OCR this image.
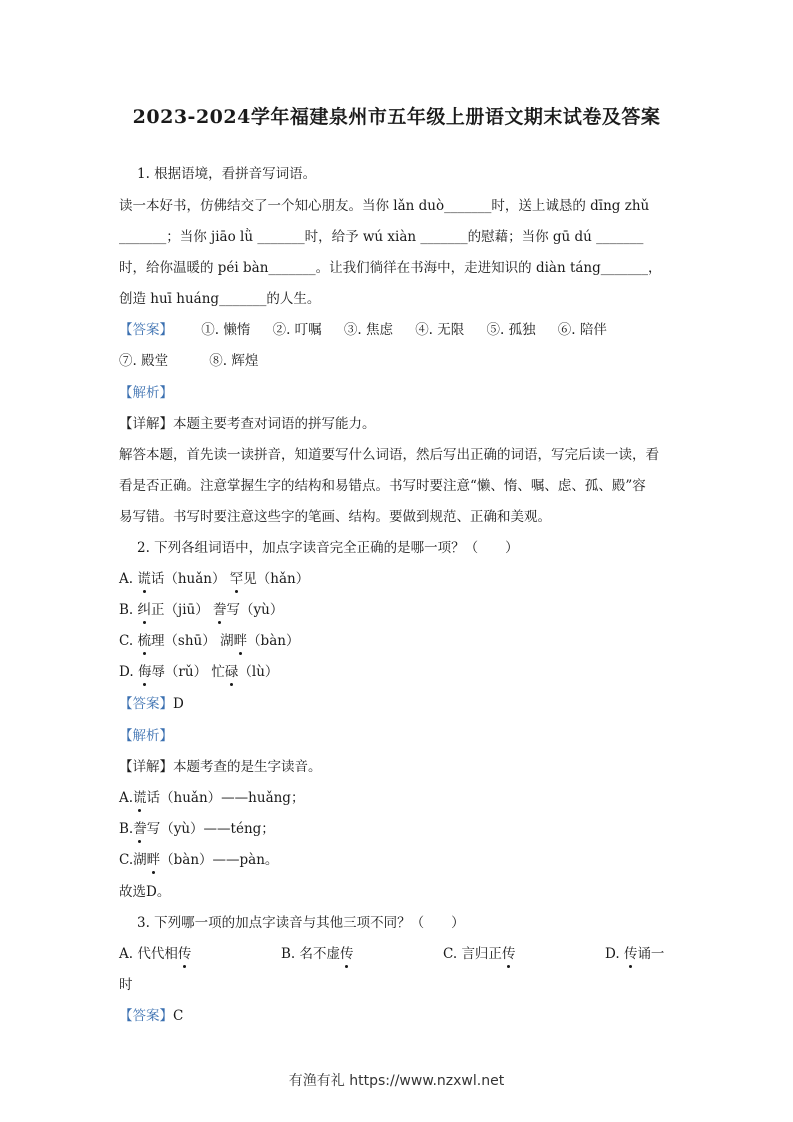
2023-2024学年福建泉州市五年级上册语文期末试卷及答案
1. 根据语境，看拼音写词语。
读一本好书，仿佛结交了一个知心朋友。当你 lǎn duò_______时，送上诚恳的 dīng zhǔ
_______；当你 jiāo lǜ _______时，给予 wú xiàn _______的慰藉；当你 gū dú _______
时，给你温暖的 péi bàn_______。让我们徜徉在书海中，走进知识的 diàn táng_______，
创造 huī huáng_______的人生。
【答案】 ①. 懒惰 ②. 叮嘱 ③. 焦虑 ④. 无限 ⑤. 孤独 ⑥. 陪伴
⑦. 殿堂	⑧. 辉煌
【解析】
【详解】本题主要考查对词语的拼写能力。
解答本题，首先读一读拼音，知道要写什么词语，然后写出正确的词语，写完后读一读，看
看是否正确。注意掌握生字的结构和易错点。书写时要注意“懒、惰、嘱、虑、孤、殿”容
易写错。书写时要注意这些字的笔画、结构。要做到规范、正确和美观。
2. 下列各组词语中，加点字读音完全正确的是哪一项？（　　）
A. 谎话（huǎn） 罕见（hǎn）
B. 纠正（jiū） 誊写（yù）
C. 梳理（shū） 湖畔（bàn）
D. 侮辱（rǔ） 忙碌（lù）
【答案】D
【解析】
【详解】本题考查的是生字读音。
A.谎话（huǎn）——huǎng；
B.誊写（yù）——téng；
C.湖畔（bàn）——pàn。
故选D。
3. 下列哪一项的加点字读音与其他三项不同？（　　）
A. 代代相传	B. 名不虚传	C. 言归正传	D. 传诵一
时
【答案】C
有渔有礼 https://www.nzxwl.net
